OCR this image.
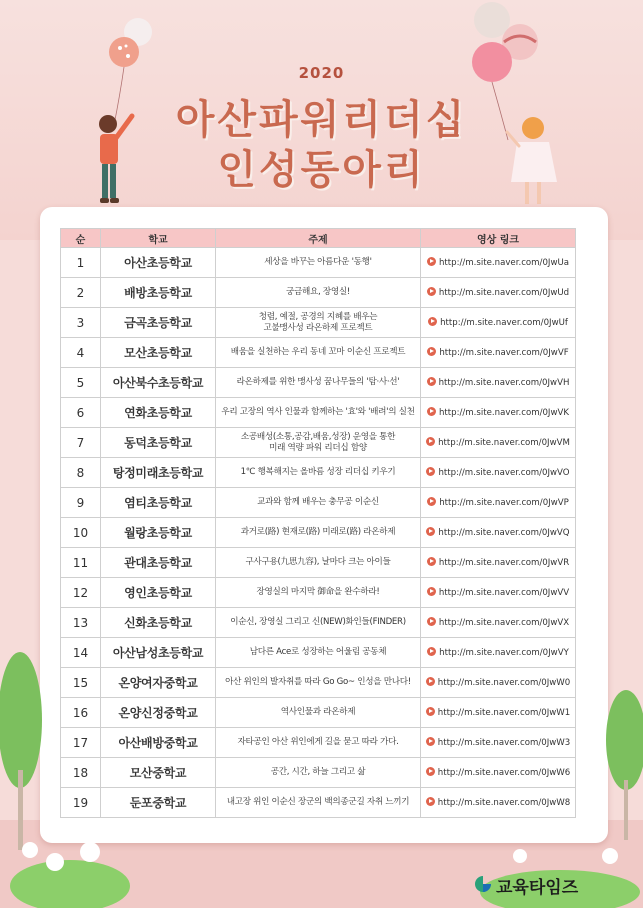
2020
아산파워리더십
인성동아리
순	학교	주제	영상 링크
1	아산초등학교	세상을 바꾸는 아름다운 '동행'	http://m.site.naver.com/0JwUa
2	배방초등학교	궁금해요, 장영실!	http://m.site.naver.com/0JwUd
3	금곡초등학교	청렴, 예절, 공경의 지혜를 배우는
고불맹사성 라온하제 프로젝트	http://m.site.naver.com/0JwUf
4	모산초등학교	배움을 실천하는 우리 동네 꼬마 이순신 프로젝트	http://m.site.naver.com/0JwVF
5	아산북수초등학교	라온하제를 위한 맹사성 꿈나무들의 '탐·사·선'	http://m.site.naver.com/0JwVH
6	연화초등학교	우리 고장의 역사 인물과 함께하는 '효'와 '배려'의 실천	http://m.site.naver.com/0JwVK
7	동덕초등학교	소공배성(소통,공감,배움,성장) 운영을 통한
미래 역량 파워 리더십 함양	http://m.site.naver.com/0JwVM
8	탕정미래초등학교	1℃ 행복해지는 올바름 성장 리더십 키우기	http://m.site.naver.com/0JwVO
9	염티초등학교	교과와 함께 배우는 충무공 이순신	http://m.site.naver.com/0JwVP
10	월랑초등학교	과거로(路) 현재로(路) 미래로(路) 라온하제	http://m.site.naver.com/0JwVQ
11	관대초등학교	구사구용(九思九容), 날마다 크는 아이들	http://m.site.naver.com/0JwVR
12	영인초등학교	장영실의 마지막 御命을 완수하라!	http://m.site.naver.com/0JwVV
13	신화초등학교	이순신, 장영실 그리고 신(NEW)화인들(FINDER)	http://m.site.naver.com/0JwVX
14	아산남성초등학교	남다른 Ace로 성장하는 어울림 공동체	http://m.site.naver.com/0JwVY
15	온양여자중학교	아산 위인의 발자취를 따라 Go Go~ 인성을 만나다!	http://m.site.naver.com/0JwW0
16	온양신정중학교	역사인물과 라온하제	http://m.site.naver.com/0JwW1
17	아산배방중학교	자타공인 아산 위인에게 길을 묻고 따라 가다.	http://m.site.naver.com/0JwW3
18	모산중학교	공간, 시간, 하늘 그리고 삶	http://m.site.naver.com/0JwW6
19	둔포중학교	내고장 위인 이순신 장군의 백의종군길 자취 느끼기	http://m.site.naver.com/0JwW8
교육타임즈
